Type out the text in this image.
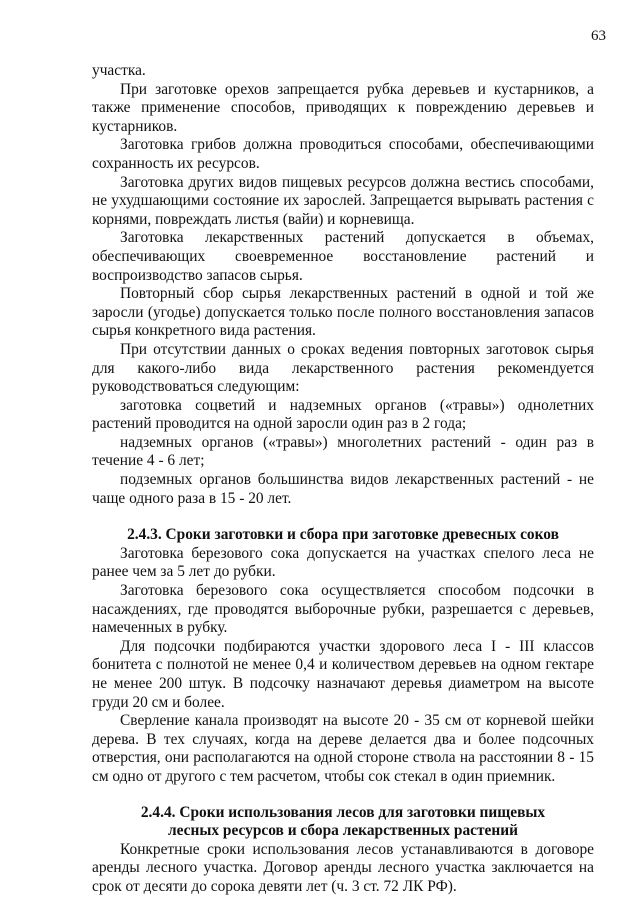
63

участка.

При заготовке орехов запрещается рубка деревьев и кустарников, а также применение способов, приводящих к повреждению деревьев и кустарников.

Заготовка грибов должна проводиться способами, обеспечивающими сохранность их ресурсов.

Заготовка других видов пищевых ресурсов должна вестись способами, не ухудшающими состояние их зарослей. Запрещается вырывать растения с корнями, повреждать листья (вайи) и корневища.

Заготовка лекарственных растений допускается в объемах, обеспечивающих своевременное восстановление растений и воспроизводство запасов сырья.

Повторный сбор сырья лекарственных растений в одной и той же заросли (угодье) допускается только после полного восстановления запасов сырья конкретного вида растения.

При отсутствии данных о сроках ведения повторных заготовок сырья для какого-либо вида лекарственного растения рекомендуется руководствоваться следующим:

заготовка соцветий и надземных органов («травы») однолетних растений проводится на одной заросли один раз в 2 года;

надземных органов («травы») многолетних растений - один раз в течение 4 - 6 лет;

подземных органов большинства видов лекарственных растений - не чаще одного раза в 15 - 20 лет.

2.4.3. Сроки заготовки и сбора при заготовке древесных соков

Заготовка березового сока допускается на участках спелого леса не ранее чем за 5 лет до рубки.

Заготовка березового сока осуществляется способом подсочки в насаждениях, где проводятся выборочные рубки, разрешается с деревьев, намеченных в рубку.

Для подсочки подбираются участки здорового леса I - III классов бонитета с полнотой не менее 0,4 и количеством деревьев на одном гектаре не менее 200 штук. В подсочку назначают деревья диаметром на высоте груди 20 см и более.

Сверление канала производят на высоте 20 - 35 см от корневой шейки дерева. В тех случаях, когда на дереве делается два и более подсочных отверстия, они располагаются на одной стороне ствола на расстоянии 8 - 15 см одно от другого с тем расчетом, чтобы сок стекал в один приемник.

2.4.4. Сроки использования лесов для заготовки пищевых

лесных ресурсов и сбора лекарственных растений

Конкретные сроки использования лесов устанавливаются в договоре аренды лесного участка. Договор аренды лесного участка заключается на срок от десяти до сорока девяти лет (ч. 3 ст. 72 ЛК РФ).
